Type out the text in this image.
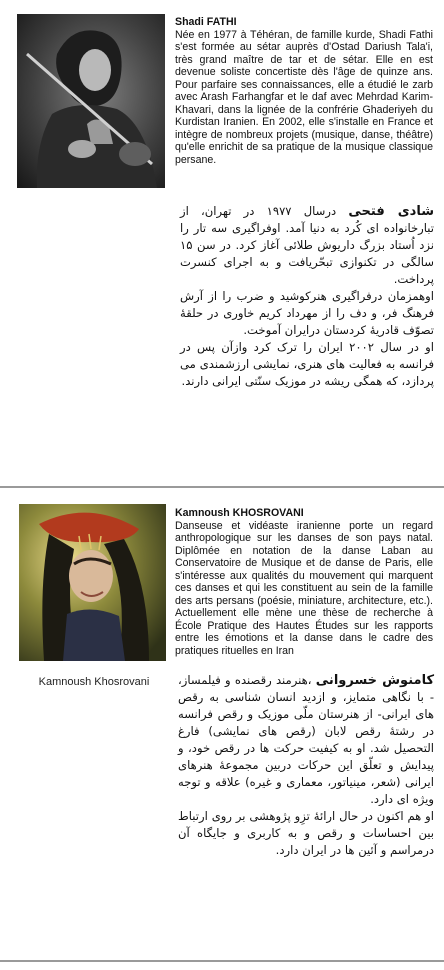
Shadi FATHI
Née en 1977 à Téhéran, de famille kurde, Shadi Fathi s'est formée au sétar auprès d'Ostad Dariush Tala'i, très grand maître de tar et de sétar. Elle en est devenue soliste concertiste dès l'âge de quinze ans. Pour parfaire ses connaissances, elle a étudié le zarb avec Arash Farhangfar et le daf avec Mehrdad Karim-Khavari, dans la lignée de la confrérie Ghaderiyeh du Kurdistan Iranien. En 2002, elle s'installe en France et intègre de nombreux projets (musique, danse, théâtre) qu'elle enrichit de sa pratique de la musique classique persane.

شادی فتحی درسال ۱۹۷۷ در تهران، از تبارخانواده ای کُرد به دنیا آمد. اوفراگیری سه تار را نزد اُستاد بزرگ داریوش طلائی آغاز کرد. در سن ۱۵ سالگی در تکنوازی تبحّریافت و به اجرای کنسرت پرداخت.

اوهمزمان درفراگیری هنرکوشید و ضرب را از آرش فرهنگ فر، و دف را از مهرداد کریم خاوری در حلقهٔ تصوّف قادریهٔ کردستان درایران آموخت.

او در سال ۲۰۰۲ ایران را ترک کرد وازآن پس در فرانسه به فعالیت های هنری، نمایشی ارزشمندی می پردازد، که همگی ریشه در موزیک سنّتی ایرانی دارند.

Kamnoush Khosrovani
Kamnoush KHOSROVANI
Danseuse et vidéaste iranienne porte un regard anthropologique sur les danses de son pays natal. Diplômée en notation de la danse Laban au Conservatoire de Musique et de danse de Paris, elle s'intéresse aux qualités du mouvement qui marquent ces danses et qui les constituent au sein de la famille des arts persans (poésie, miniature, architecture, etc.). Actuellement elle mène une thèse de recherche à École Pratique des Hautes Études sur les rapports entre les émotions et la danse dans le cadre des pratiques rituelles en Iran

کامنوش خسروانی ،هنرمند رقصنده و فیلمساز، - با نگاهی متمایز، و ازدید انسان شناسی به رقص های ایرانی- از هنرستان ملّی موزیک و رقص فرانسه در رشتهٔ رقص لابان (رقص های نمایشی) فارغ التحصیل شد. او به کیفیت حرکت ها در رقص خود، و پیدایش و تعلّق این حرکات دربین مجموعهٔ هنرهای ایرانی (شعر، مینیاتور، معماری و غیره) علاقه و توجه ویژه ای دارد.

او هم اکنون در حال ارائهٔ تزِو پژوهشی بر روی ارتباط بین احساسات و رقص و به کاربری و جایگاه آن درمراسم و آئین ها در ایران دارد.
